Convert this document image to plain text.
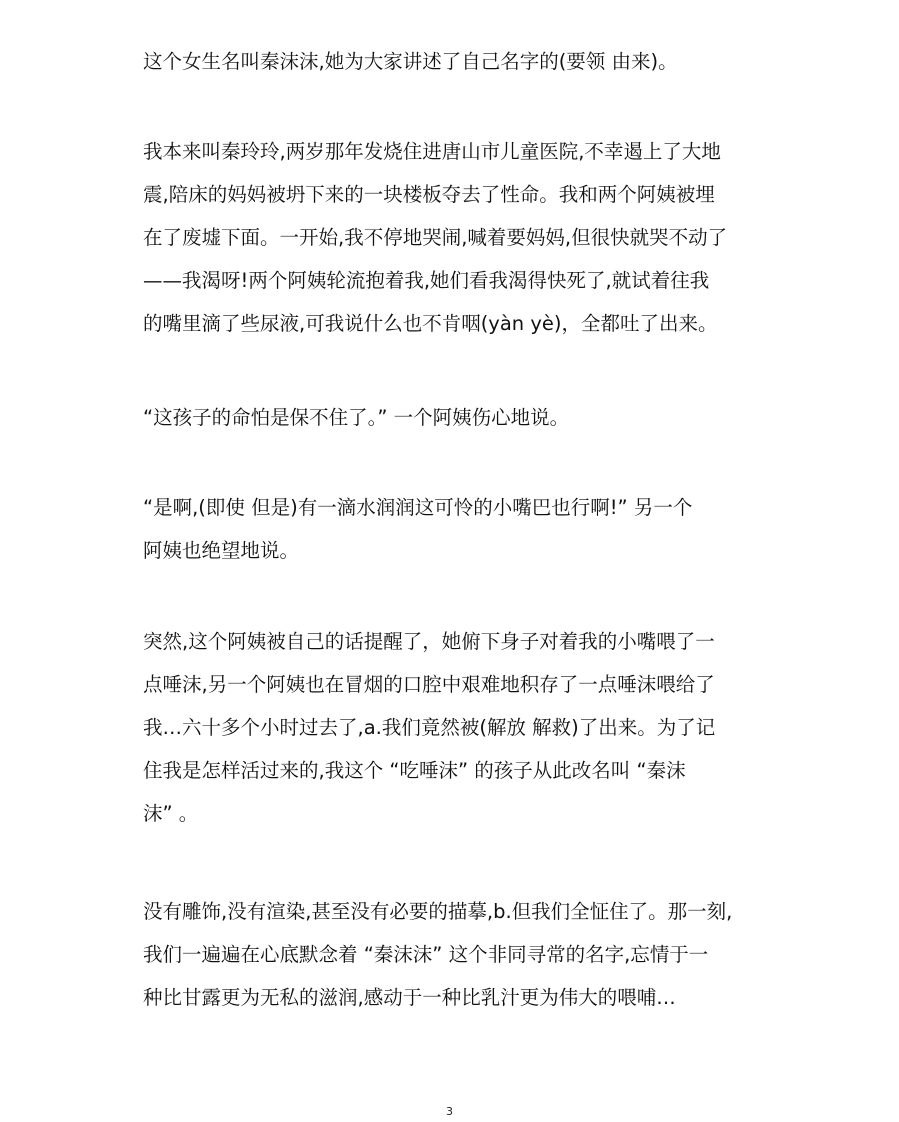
这个女生名叫秦沫沫,她为大家讲述了自己名字的(要领 由来)。
我本来叫秦玲玲,两岁那年发烧住进唐山市儿童医院,不幸遏上了大地
震,陪床的妈妈被坍下来的一块楼板夺去了性命。我和两个阿姨被埋
在了废墟下面。一开始,我不停地哭闹,喊着要妈妈,但很快就哭不动了
——我渴呀!两个阿姨轮流抱着我,她们看我渴得快死了,就试着往我
的嘴里滴了些尿液,可我说什么也不肯咽(yàn yè)，全都吐了出来。
“这孩子的命怕是保不住了。” 一个阿姨伤心地说。
“是啊,(即使 但是)有一滴水润润这可怜的小嘴巴也行啊!” 另一个
阿姨也绝望地说。
突然,这个阿姨被自己的话提醒了，她俯下身子对着我的小嘴喂了一
点唾沫,另一个阿姨也在冒烟的口腔中艰难地积存了一点唾沫喂给了
我…六十多个小时过去了,a.我们竟然被(解放 解救)了出来。为了记
住我是怎样活过来的,我这个 “吃唾沫” 的孩子从此改名叫 “秦沫
沫” 。
没有雕饰,没有渲染,甚至没有必要的描摹,b.但我们全怔住了。那一刻,
我们一遍遍在心底默念着 “秦沫沫” 这个非同寻常的名字,忘情于一
种比甘露更为无私的滋润,感动于一种比乳汁更为伟大的喂哺…
3
